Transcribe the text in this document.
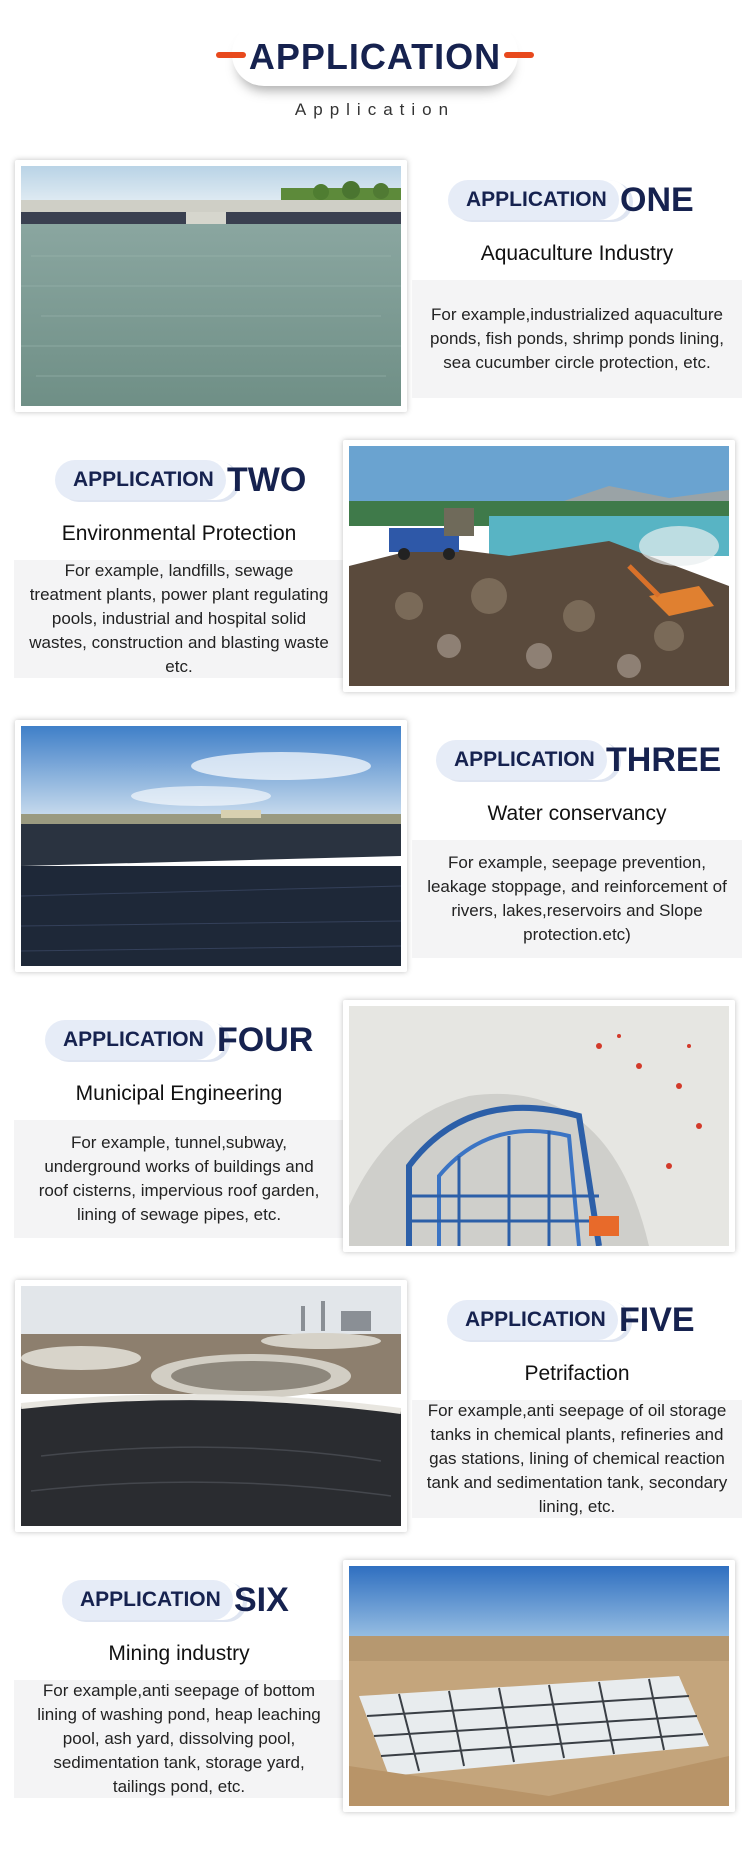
APPLICATION
Application
APPLICATION ONE
Aquaculture Industry
For example,industrialized aquaculture ponds, fish ponds, shrimp ponds lining, sea cucumber circle protection, etc.
APPLICATION TWO
Environmental Protection
For example, landfills, sewage treatment plants, power plant regulating pools, industrial and hospital solid wastes, construction and blasting waste etc.
APPLICATION THREE
Water conservancy
For example, seepage prevention, leakage stoppage, and reinforcement of rivers, lakes,reservoirs and Slope protection.etc)
APPLICATION FOUR
Municipal Engineering
For example, tunnel,subway, underground works of buildings and roof cisterns, impervious roof garden, lining of sewage pipes, etc.
APPLICATION FIVE
Petrifaction
For example,anti seepage of oil storage tanks in chemical plants, refineries and gas stations, lining of chemical reaction tank and sedimentation tank, secondary lining, etc.
APPLICATION SIX
Mining industry
For example,anti seepage of bottom lining of washing pond, heap leaching pool, ash yard, dissolving pool, sedimentation tank, storage yard, tailings pond, etc.
